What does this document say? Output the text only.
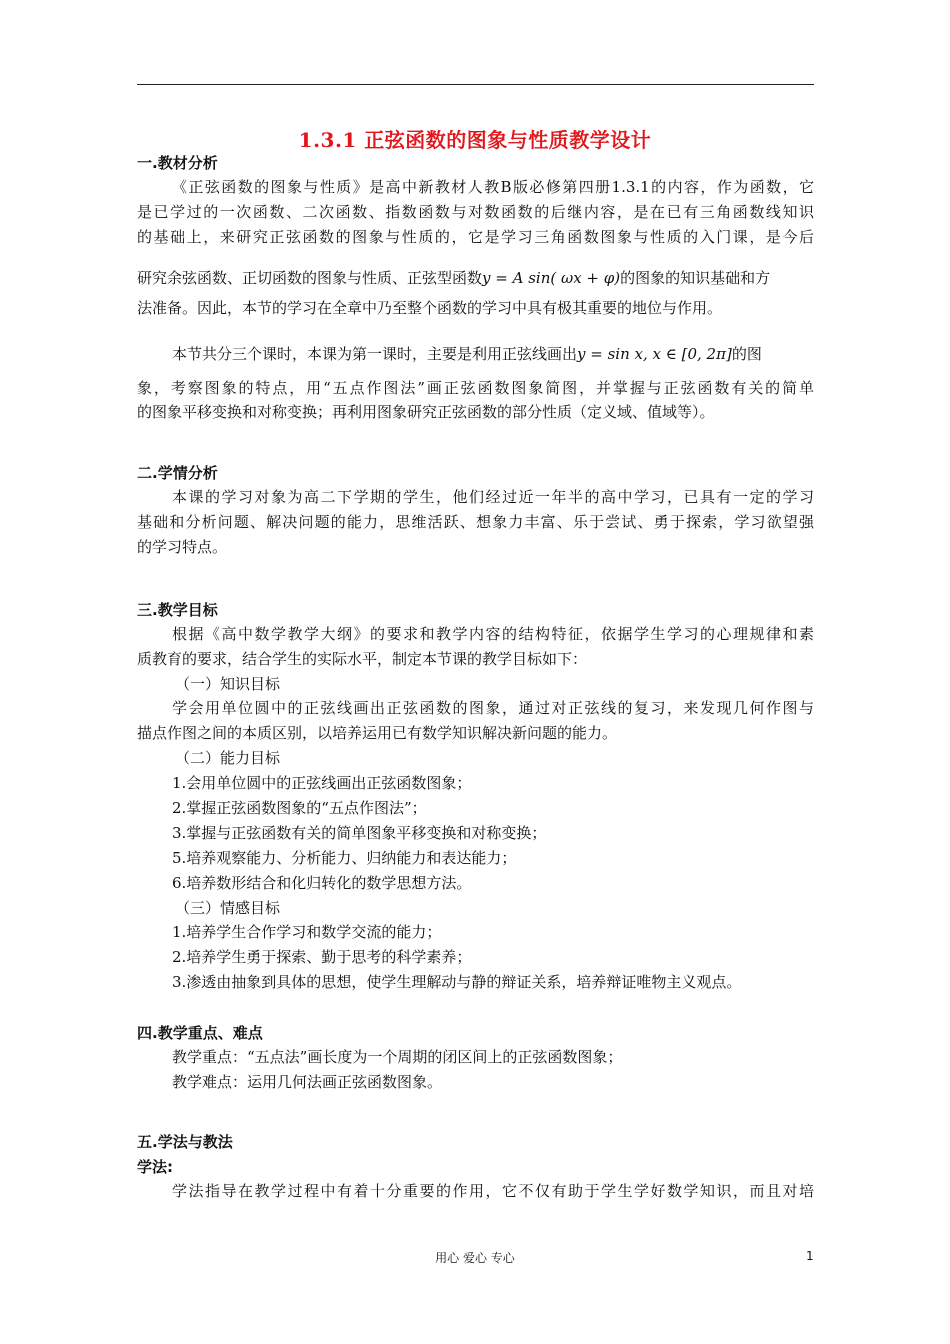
1.3.1 正弦函数的图象与性质教学设计
一.教材分析
《正弦函数的图象与性质》是高中新教材人教B版必修第四册1.3.1的内容，作为函数，它
是已学过的一次函数、二次函数、指数函数与对数函数的后继内容，是在已有三角函数线知识
的基础上，来研究正弦函数的图象与性质的，它是学习三角函数图象与性质的入门课，是今后
研究余弦函数、正切函数的图象与性质、正弦型函数y = A sin( ωx + φ)的图象的知识基础和方
法准备。因此，本节的学习在全章中乃至整个函数的学习中具有极其重要的地位与作用。
本节共分三个课时，本课为第一课时，主要是利用正弦线画出y = sin x, x ∈ [0, 2π]的图
象，考察图象的特点，用“五点作图法”画正弦函数图象简图，并掌握与正弦函数有关的简单
的图象平移变换和对称变换；再利用图象研究正弦函数的部分性质（定义域、值域等）。
二.学情分析
本课的学习对象为高二下学期的学生，他们经过近一年半的高中学习，已具有一定的学习
基础和分析问题、解决问题的能力，思维活跃、想象力丰富、乐于尝试、勇于探索，学习欲望强
的学习特点。
三.教学目标
根据《高中数学教学大纲》的要求和教学内容的结构特征，依据学生学习的心理规律和素
质教育的要求，结合学生的实际水平，制定本节课的教学目标如下：
（一）知识目标
学会用单位圆中的正弦线画出正弦函数的图象，通过对正弦线的复习，来发现几何作图与
描点作图之间的本质区别，以培养运用已有数学知识解决新问题的能力。
（二）能力目标
1.会用单位圆中的正弦线画出正弦函数图象；
2.掌握正弦函数图象的“五点作图法”；
3.掌握与正弦函数有关的简单图象平移变换和对称变换；
5.培养观察能力、分析能力、归纳能力和表达能力；
6.培养数形结合和化归转化的数学思想方法。
（三）情感目标
1.培养学生合作学习和数学交流的能力；
2.培养学生勇于探索、勤于思考的科学素养；
3.渗透由抽象到具体的思想，使学生理解动与静的辩证关系，培养辩证唯物主义观点。
四.教学重点、难点
教学重点：“五点法”画长度为一个周期的闭区间上的正弦函数图象；
教学难点：运用几何法画正弦函数图象。
五.学法与教法
学法:
学法指导在教学过程中有着十分重要的作用，它不仅有助于学生学好数学知识，而且对培
用心 爱心 专心	1
